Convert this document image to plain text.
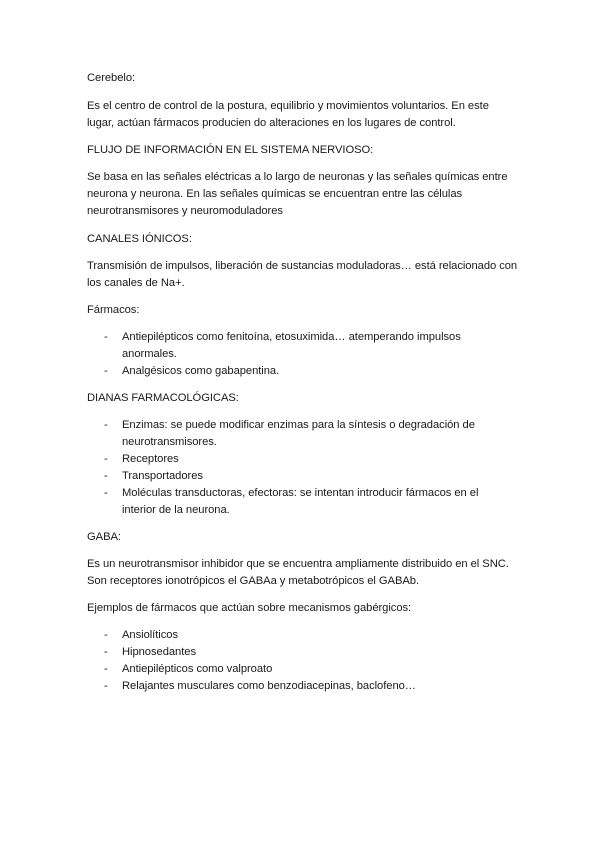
Cerebelo:
Es el centro de control de la postura, equilibrio y movimientos voluntarios. En este
lugar, actúan fármacos producien do alteraciones en los lugares de control.
FLUJO DE INFORMACIÓN EN EL SISTEMA NERVIOSO:
Se basa en las señales eléctricas a lo largo de neuronas y las señales químicas entre
neurona y neurona. En las señales químicas se encuentran entre las células
neurotransmisores y neuromoduladores
CANALES IÓNICOS:
Transmisión de impulsos, liberación de sustancias moduladoras… está relacionado con
los canales de Na+.
Fármacos:
- Antiepilépticos como fenitoína, etosuximida… atemperando impulsos
anormales.
- Analgésicos como gabapentina.
DIANAS FARMACOLÓGICAS:
- Enzimas: se puede modificar enzimas para la síntesis o degradación de
neurotransmisores.
- Receptores
- Transportadores
- Moléculas transductoras, efectoras: se intentan introducir fármacos en el
interior de la neurona.
GABA:
Es un neurotransmisor inhibidor que se encuentra ampliamente distribuido en el SNC.
Son receptores ionotrópicos el GABAa y metabotrópicos el GABAb.
Ejemplos de fármacos que actúan sobre mecanismos gabérgicos:
- Ansiolíticos
- Hipnosedantes
- Antiepilépticos como valproato
- Relajantes musculares como benzodiacepinas, baclofeno…
